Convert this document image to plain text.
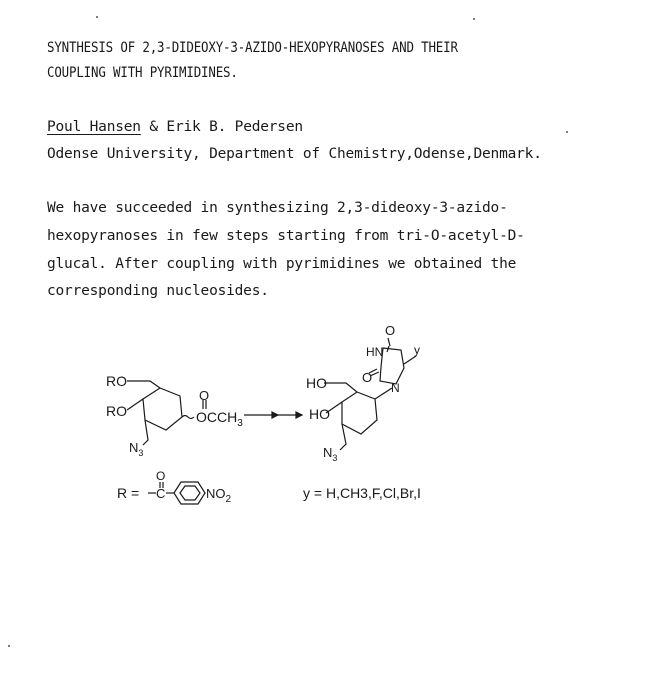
SYNTHESIS OF 2,3-DIDEOXY-3-AZIDO-HEXOPYRANOSES AND THEIR
COUPLING WITH PYRIMIDINES.
Poul Hansen & Erik B. Pedersen
Odense University, Department of Chemistry,Odense,Denmark.
We have succeeded in synthesizing 2,3-dideoxy-3-azido-
hexopyranoses in few steps starting from tri-O-acetyl-D-
glucal. After coupling with pyrimidines we obtained the
corresponding nucleosides.
RO
RO
O
$OCCH_3$
$N_3$
O
HN
O
N
y
HO
HO
$N_3$
R =
O
C	$NO_2$	y = H,CH3,F,Cl,Br,I
